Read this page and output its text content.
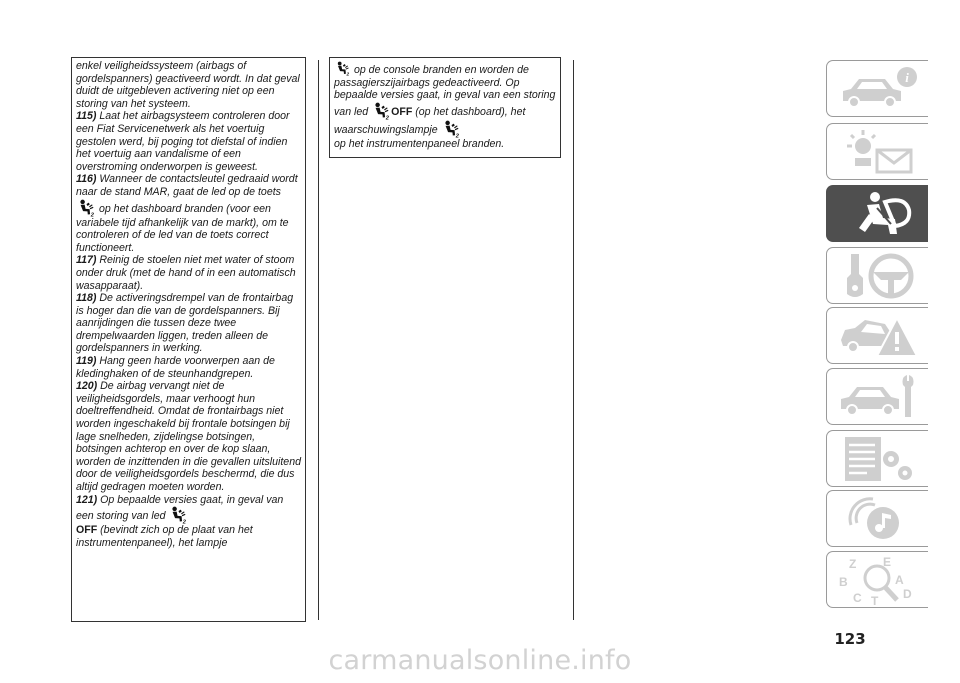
enkel veiligheidssysteem (airbags of gordelspanners) geactiveerd wordt. In dat geval duidt de uitgebleven activering niet op een storing van het systeem.

115) Laat het airbagsysteem controleren door een Fiat Servicenetwerk als het voertuig gestolen werd, bij poging tot diefstal of indien het voertuig aan vandalisme of een overstroming onderworpen is geweest.

116) Wanneer de contactsleutel gedraaid wordt naar de stand MAR, gaat de led op de toets
op het dashboard branden (voor een variabele tijd afhankelijk van de markt), om te controleren of de led van de toets correct functioneert.

117) Reinig de stoelen niet met water of stoom onder druk (met de hand of in een automatisch wasapparaat).

118) De activeringsdrempel van de frontairbag is hoger dan die van de gordelspanners. Bij aanrijdingen die tussen deze twee drempelwaarden liggen, treden alleen de gordelspanners in werking.

119) Hang geen harde voorwerpen aan de kledinghaken of de steunhandgrepen.

120) De airbag vervangt niet de veiligheidsgordels, maar verhoogt hun doeltreffendheid. Omdat de frontairbags niet worden ingeschakeld bij frontale botsingen bij lage snelheden, zijdelingse botsingen, botsingen achterop en over de kop slaan, worden de inzittenden in die gevallen uitsluitend door de veiligheidsgordels beschermd, die dus altijd gedragen moeten worden.

121) Op bepaalde versies gaat, in geval van een storing van led

OFF (bevindt zich op de plaat van het instrumentenpaneel), het lampje

op de console branden en worden de passagierszijairbags gedeactiveerd. Op bepaalde versies gaat, in geval van een storing van led OFF (op het dashboard), het waarschuwingslampje

op het instrumentenpaneel branden.

i
Z E
B	A
C	D
T
123
carmanualsonline.info
